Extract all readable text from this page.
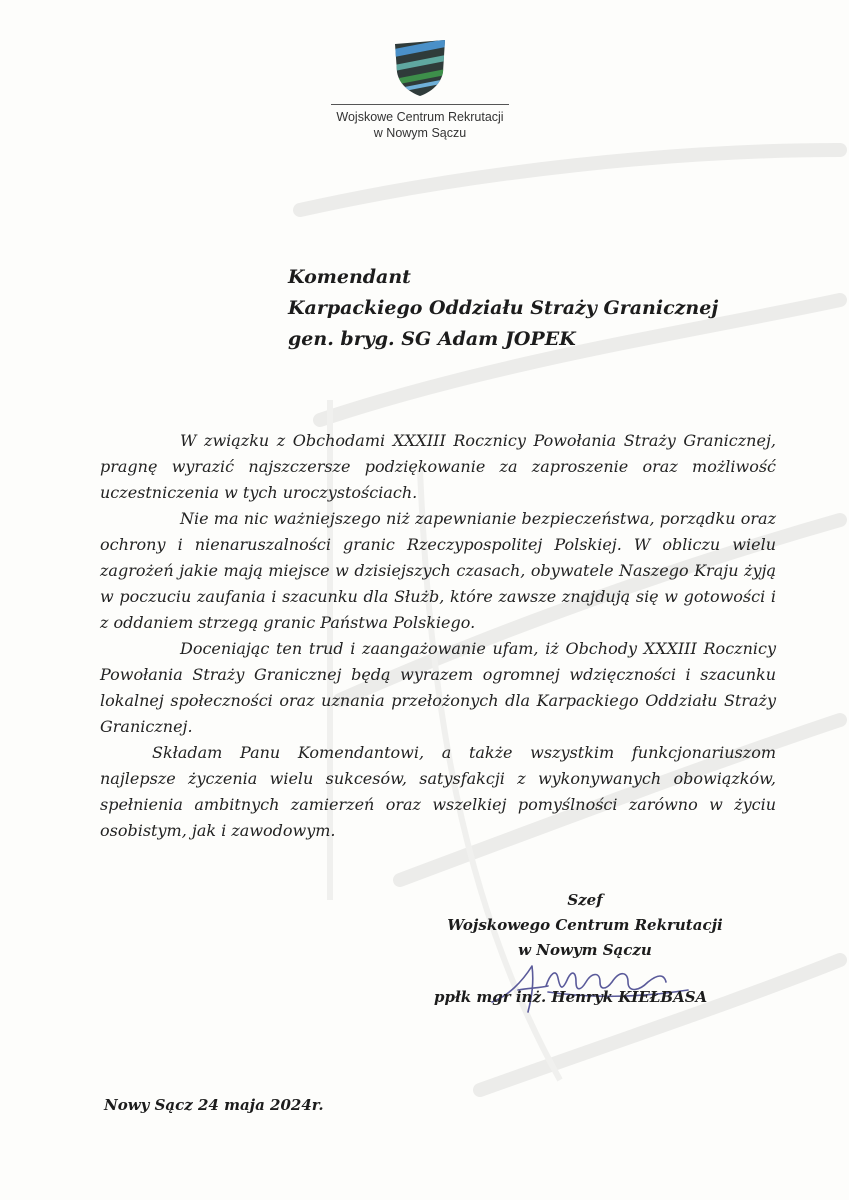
Wojskowe Centrum Rekrutacji
w Nowym Sączu
Komendant
Karpackiego Oddziału Straży Granicznej
gen. bryg. SG Adam JOPEK

W związku z Obchodami XXXIII Rocznicy Powołania Straży Granicznej, pragnę wyrazić najszczersze podziękowanie za zaproszenie oraz możliwość uczestniczenia w tych uroczystościach.

Nie ma nic ważniejszego niż zapewnianie bezpieczeństwa, porządku oraz ochrony i nienaruszalności granic Rzeczypospolitej Polskiej. W obliczu wielu zagrożeń jakie mają miejsce w dzisiejszych czasach, obywatele Naszego Kraju żyją w poczuciu zaufania i szacunku dla Służb, które zawsze znajdują się w gotowości i z oddaniem strzegą granic Państwa Polskiego.

Doceniając ten trud i zaangażowanie ufam, iż Obchody XXXIII Rocznicy Powołania Straży Granicznej będą wyrazem ogromnej wdzięczności i szacunku lokalnej społeczności oraz uznania przełożonych dla Karpackiego Oddziału Straży Granicznej.

Składam Panu Komendantowi, a także wszystkim funkcjonariuszom najlepsze życzenia wielu sukcesów, satysfakcji z wykonywanych obowiązków, spełnienia ambitnych zamierzeń oraz wszelkiej pomyślności zarówno w życiu osobistym, jak i zawodowym.

Szef
Wojskowego Centrum Rekrutacji
w Nowym Sączu
ppłk mgr inż. Henryk KIEŁBASA
Nowy Sącz 24 maja 2024r.
